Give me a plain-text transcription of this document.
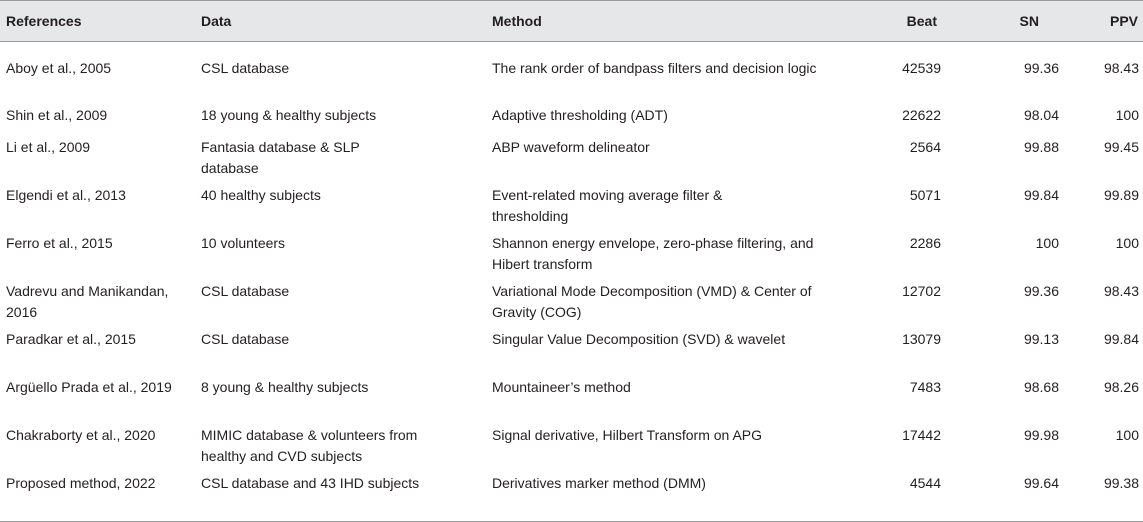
References	Data	Method	Beat	SN	PPV
Aboy et al., 2005	CSL database	The rank order of bandpass filters and decision logic	42539	99.36	98.43
Shin et al., 2009	18 young & healthy subjects	Adaptive thresholding (ADT)	22622	98.04	100
Li et al., 2009	Fantasia database & SLP database	ABP waveform delineator	2564	99.88	99.45

Elgendi et al., 2013	40 healthy subjects	Event-related moving average filter & thresholding	5071	99.84	99.89
Ferro et al., 2015	10 volunteers	Shannon energy envelope, zero-phase filtering, and Hibert transform	2286	100	100

Vadrevu and Manikandan, 2016	CSL database	Variational Mode Decomposition (VMD) & Center of Gravity (COG)	12702	99.36	98.43

Paradkar et al., 2015	CSL database	Singular Value Decomposition (SVD) & wavelet	13079	99.13	99.84

Argüello Prada et al., 2019	8 young & healthy subjects	Mountaineer’s method	7483	98.68	98.26

Chakraborty et al., 2020	MIMIC database & volunteers from healthy and CVD subjects	Signal derivative, Hilbert Transform on APG	17442	99.98	100

Proposed method, 2022	CSL database and 43 IHD subjects	Derivatives marker method (DMM)	4544	99.64	99.38
